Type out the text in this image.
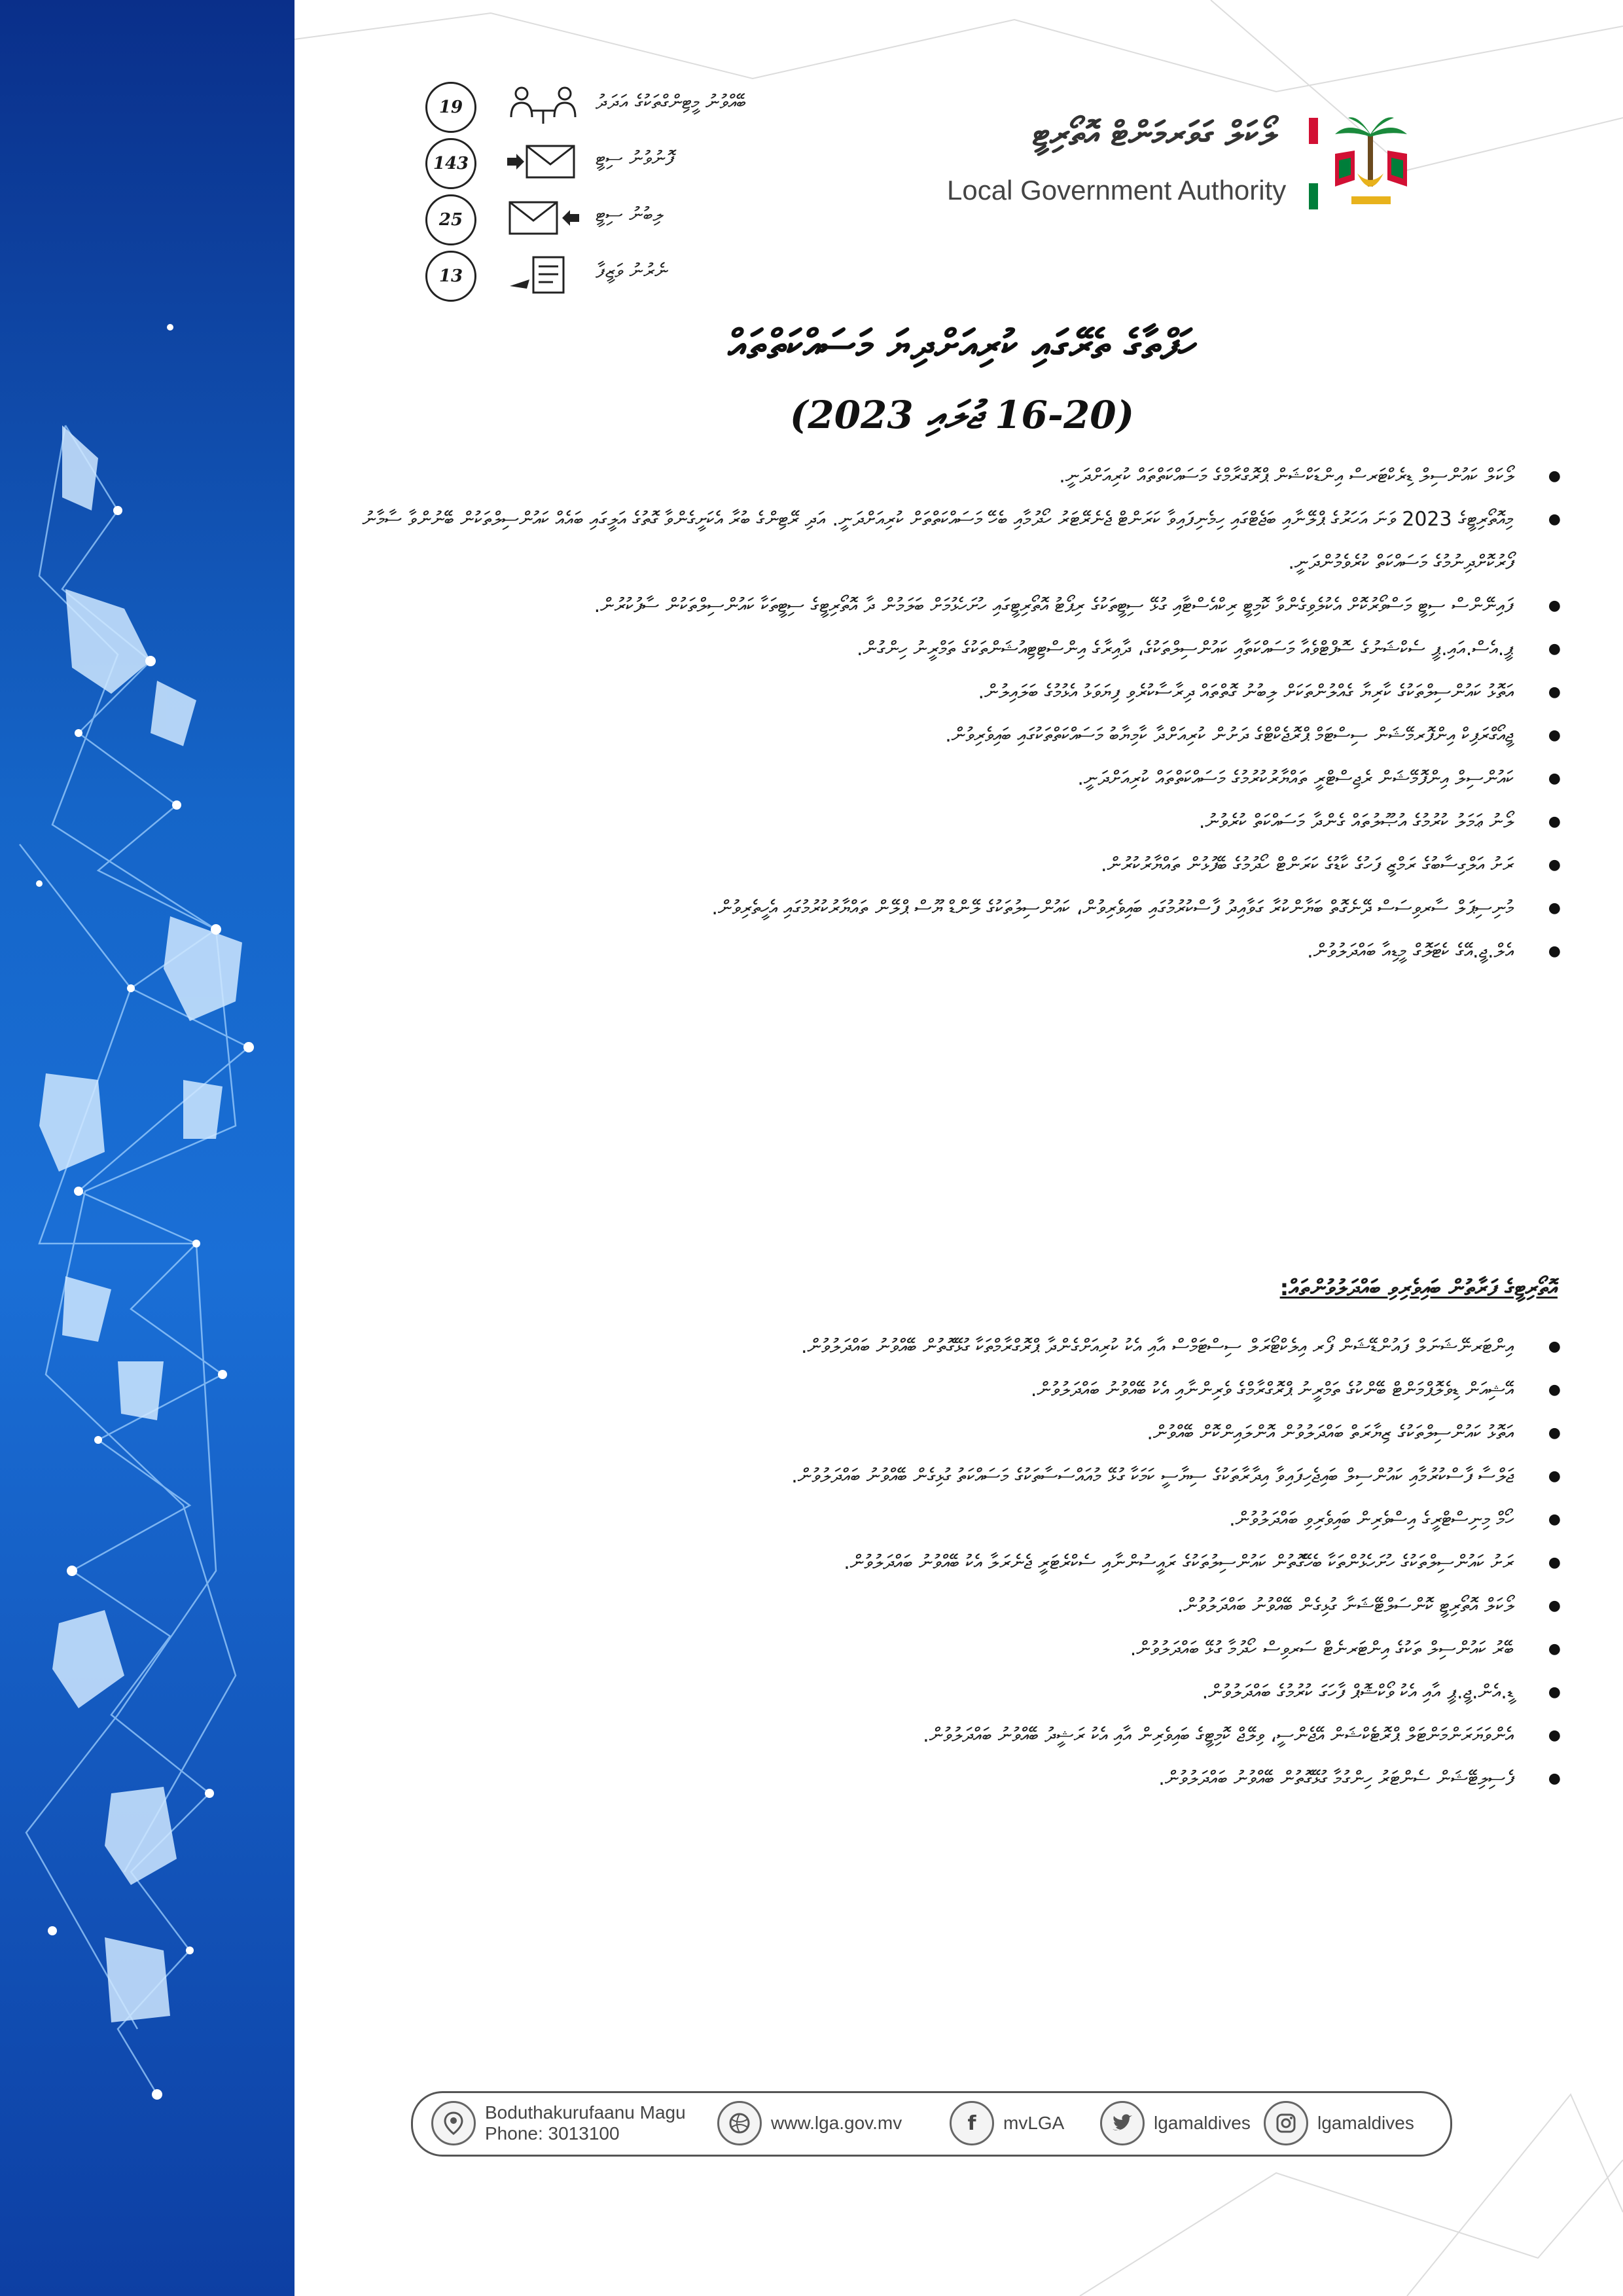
19	ބޭއްވުނު މީޓިންގްތަކުގެ އަދަދު
143	ފޮނުވުނު ސިޓީ
25	ލިބުނު ސިޓީ
13	ނެރުނު ވަޒީފާ
ލޯކަލް ގަވަރމަންޓް އޮތޯރިޓީ
Local Government Authority
ހަފްތާގެ ތެރޭގައި ކުރިއަށްދިޔަ މަސައްކަތްތައް
(16-20 ޖުލައި 2023)
● ލޯކަލް ކައުންސިލް ޑިރެކްޓަރސް އިންޑަކްޝަން ޕްރޮގްރާމްގެ މަސައްކަތްތައް ކުރިއަށްދަނީ.
● މިއޮތޯރިޓީގެ 2023 ވަނަ އަހަރުގެ ޕްލޭނާއި ބަޖެޓްގައި ހިމެނިފައިވާ ކަރަންޓް ޖެނެރޭޓަރު ހޯދުމާއި ބެހޭ މަސައްކަތްތަށް ކުރިއަށްދަނީ. އަދި ރޭޓިންގެ ބުރާ އެކަށީގެންވާ ގޮތުގެ އަލީގައި ބައެއް ކައުންސިލްތަކުން ބޭނުންވާ ސާމާނު ފޯރުކޮށްދިނުމުގެ މަސައްކަތް ކުރެވެމުންދަނީ.
● ފައިނޭންސް ސިޓީ މަސްވޯރުކޮށް އެކުލެވިގެންވާ ކޮމިޓީ ރިކްއެސްޓާއި ގުޅޭ ސިޓީތަކުގެ ރިޕޯޓު އޮތޯރިޓީގައި ހުށަހެޅުމަށް ބަލަމުން ދާ އޮތޯރިޓީގެ ސިޓީތަކާ ކައުންސިލްތަކުން ސާފުކުރުން.
● ޕީ.އެސް.އައި.ޕީ ސެކްޝަނުގެ ސޮފްޓްވެއާ މަސައްކަތާއި ކައުންސިލްތަކުގެ، ދާއިރާގެ އިންސްޓިޓިއުޝަންތަކުގެ ތަމްރީނު ހިންގުން.
● އަތޮޅު ކައުންސިލްތަކުގެ ކާރިޔާ ގެއްލުންތަކަށް ލިބުނު ގޮތްތައް ދިރާސާކުރެވި ފިޔަވަޅު އެޅުމުގެ ބަލައިލުން.
● ޖީއޯގްރަފިކް އިންފޮރމޭޝަން ސިސްޓަމް ޕްރޮޖެކްޓްގެ ދަށުން ކުރިއަށްދާ ކާމިޔާބު މަސައްކަތްތަކުގައި ބައިވެރިވުން.
● ކައުންސިލް އިންފޮމޭޝަން ރެޖިސްޓްރީ ތައްޔާރުކުރުމުގެ މަސައްކަތްތައް ކުރިއަށްދަނީ.
● ލޯނު ޢަމަލު ކުރުމުގެ އުޞޫލުތައް ގެންދާ މަސައްކަތް ކުރެވުނު.
● ރަށު އަލްގިސާބުގެ ރަމްޒީ ފަހުގެ ކާޑުގެ ކަރަންޓް ހޯދުމުގެ ބޭފުޅުން ތައްޔާރުކުރުން.
● މުނިސިޕަލް ސާރވިސަސް ދޭނެގޮތް ބަޔާންކުރާ ގަވާއިދު ފާސްކުރުމުގައި ބައިވެރިވުން، ކައުންސިލުތަކުގެ ލޭންޑް ޔޫސް ޕްލޭން ތައްޔާރުކުރުމުގައި އެހީތެރިވުން.
● އެލް.ޖީ.އޭގެ ކެޓަލޮގް މީޑިއާ ބައްދަލުވުން.
އޮތޯރިޓީގެ ފަރާތުން ބައިވެރިވި ބައްދަލުވުންތައް:
● އިންޓަރނޭޝަނަލް ފައުންޑޭޝަން ފޯރ އިލެކްޓޯރަލް ސިސްޓަމްސް އާއި އެކު ކުރިއަށްގެންދާ ޕްރޮގްރާމްތަކާ ގުޅޭގޮތުން ބޭއްވުނު ބައްދަލުވުން.
● އޭޝިއަން ޑިވެލޮޕްމަންޓް ބޭންކުގެ ތަމްރީނު ޕްރޮގްރާމްގެ ވެރިންނާއި އެކު ބޭއްވުނު ބައްދަލުވުން.
● އަތޮޅު ކައުންސިލްތަކުގެ ޒިޔާރަތް ބައްދަލުވުން އޮންލައިންކޮށް ބޭއްވުން.
● ޖަލްސާ ފާސްކުރުމާއި ކައުންސިލް ބައިޖެހިފައިވާ އިދާރާތަކުގެ ސިޔާސީ ކަމަކާ ގުޅޭ މުއައްސަސާތަކުގެ މަސައްކަތު ގުޅިގެން ބޭއްވުނު ބައްދަލުވުން.
● ހޯމް މިނިސްޓްރީގެ އިސްވެރިން ބައިވެރިވި ބައްދަލުވުން.
● ރަށު ކައުންސިލްތަކުގެ ހުށަހެޅުންތަކާ ބެހޭގޮތުން ކައުންސިލުތަކުގެ ރައީސުންނާއި ސެކްރެޓަރީ ޖެނެރަލާ އެކު ބޭއްވުނު ބައްދަލުވުން.
● ލޯކަލް އޮތޯރިޓީ ކޮންސަލްޓޭޝަނާ ގުޅިގެން ބޭއްވުނު ބައްދަލުވުން.
● ބޭރު ކައުންސިލް ތަކުގެ އިންޓަރނެޓް ސަރވިސް ހޯދުމާ ގުޅޭ ބައްދަލުވުން.
● ޑީ.އެން.ޖީ.ޕީ އާއި އެކު ވޯކްޝޮޕް ފާހަގަ ކުރުމުގެ ބައްދަލުވުން.
● އެންވަޔަރަންމަންޓަލް ޕްރޮޓެކްޝަން އޭޖެންސީ، ވިލޭޖް ކޮމިޓީގެ ބައިވެރިން އާއި އެކު ރަޝީދު ބޭއްވުނު ބައްދަލުވުން.
● ފެސިލިޓޭޝަން ސެންޓަރު ހިންގުމާ ގުޅޭގޮތުން ބޭއްވުނު ބައްދަލުވުން.
Boduthakurufaanu Magu
Phone: 3013100
www.lga.gov.mv	f	mvLGA	lgamaldives	lgamaldives
